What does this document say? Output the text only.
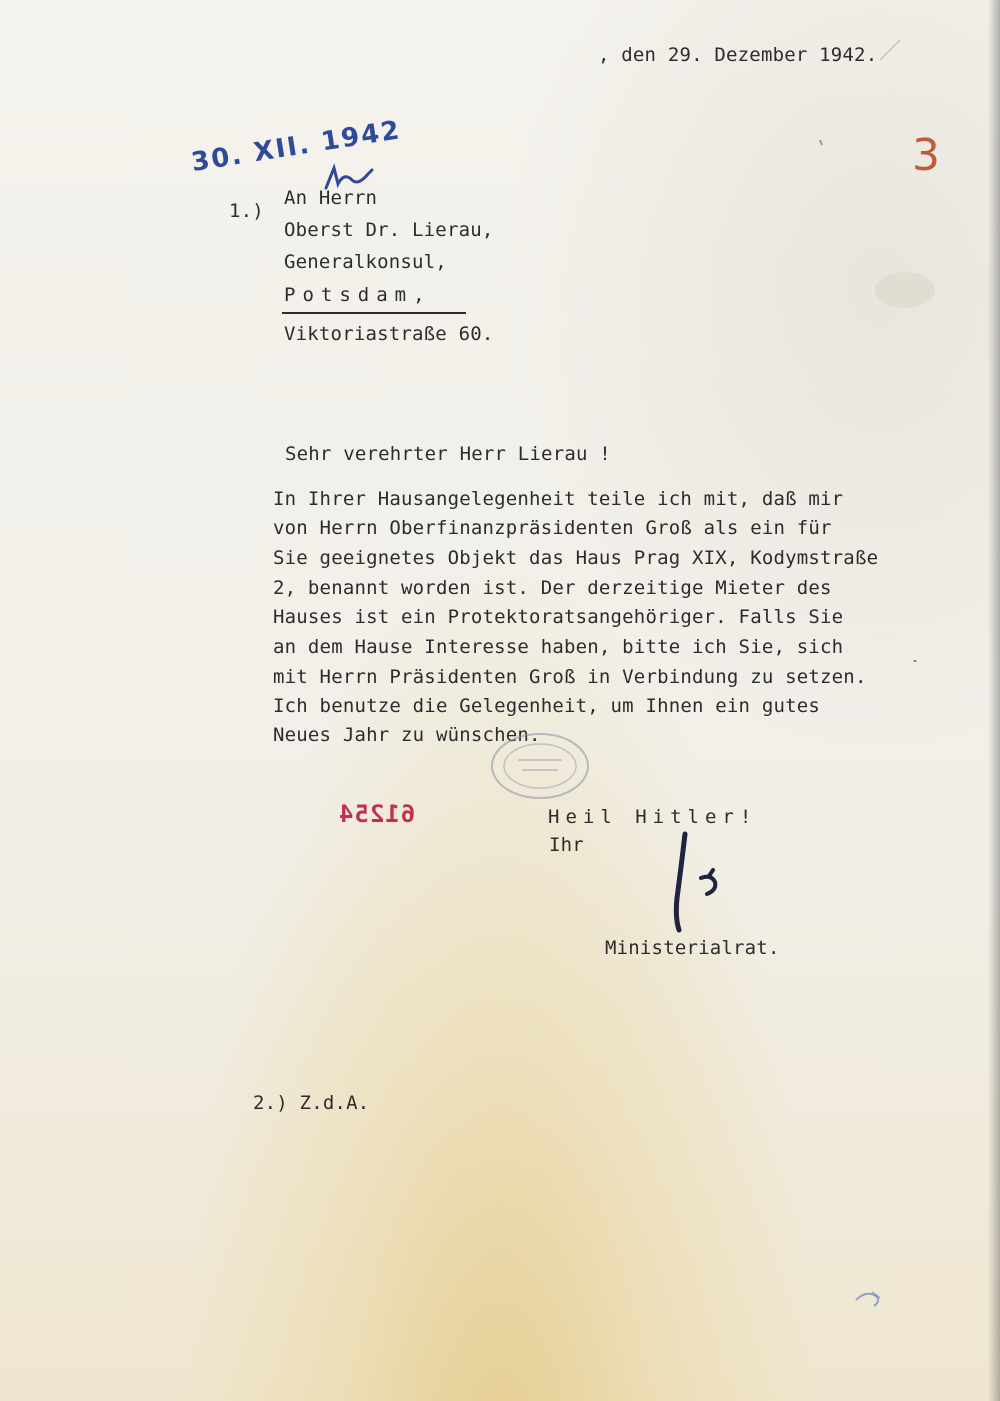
, den 29. Dezember 1942.
30. XII. 1942	3
1.)
An Herrn
Oberst Dr. Lierau,
Generalkonsul,
Potsdam,
Viktoriastraße 60.
Sehr verehrter Herr Lierau !
In Ihrer Hausangelegenheit teile ich mit, daß mir
von Herrn Oberfinanzpräsidenten Groß als ein für
Sie geeignetes Objekt das Haus Prag XIX, Kodymstraße
2, benannt worden ist. Der derzeitige Mieter des
Hauses ist ein Protektoratsangehöriger. Falls Sie
an dem Hause Interesse haben, bitte ich Sie, sich
mit Herrn Präsidenten Groß in Verbindung zu setzen.
Ich benutze die Gelegenheit, um Ihnen ein gutes
Neues Jahr zu wünschen.
61254	Heil Hitler!
Ihr
Ministerialrat.
2.) Z.d.A.
